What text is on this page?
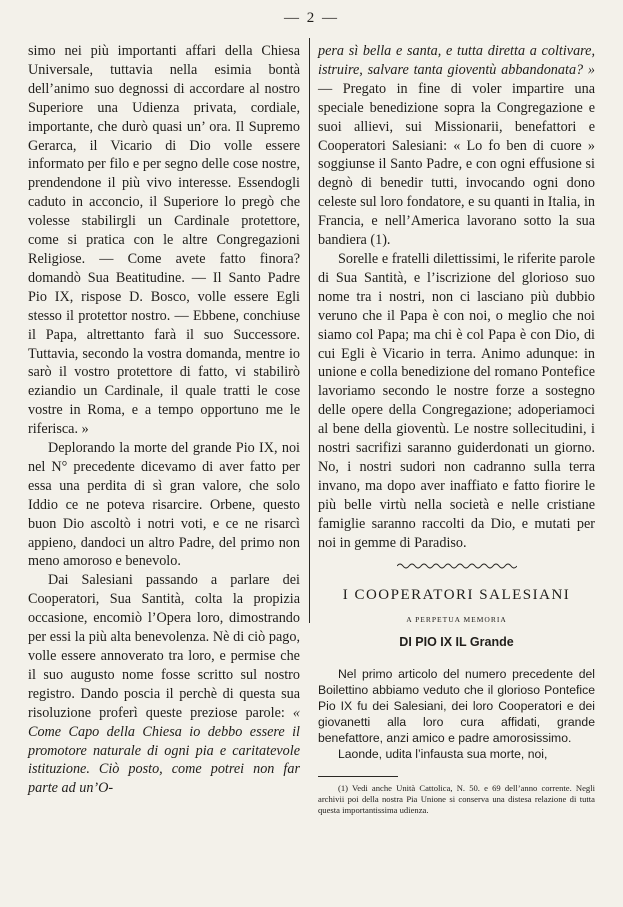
— 2 —

simo nei più importanti affari della Chiesa Universale, tuttavia nella esimia bontà dell’animo suo degnossi di accordare al nostro Superiore una Udienza privata, cordiale, importante, che durò quasi un’ ora. Il Supremo Gerarca, il Vicario di Dio volle essere informato per filo e per segno delle cose nostre, prendendone il più vivo interesse. Essendogli caduto in acconcio, il Superiore lo pregò che volesse stabilirgli un Cardinale protettore, come si pratica con le altre Congregazioni Religiose. — Come avete fatto finora? domandò Sua Beatitudine. — Il Santo Padre Pio IX, rispose D. Bosco, volle essere Egli stesso il protettor nostro. — Ebbene, conchiuse il Papa, altrettanto farà il suo Successore. Tuttavia, secondo la vostra domanda, mentre io sarò il vostro protettore di fatto, vi stabilirò eziandio un Cardinale, il quale tratti le cose vostre in Roma, e a tempo opportuno me le riferisca. »

Deplorando la morte del grande Pio IX, noi nel N° precedente dicevamo di aver fatto per essa una perdita di sì gran valore, che solo Iddio ce ne poteva risarcire. Orbene, questo buon Dio ascoltò i notri voti, e ce ne risarcì appieno, dandoci un altro Padre, del primo non meno amoroso e benevolo.

Dai Salesiani passando a parlare dei Cooperatori, Sua Santità, colta la propizia occasione, encomiò l’Opera loro, dimostrando per essi la più alta benevolenza. Nè di ciò pago, volle essere annoverato tra loro, e permise che il suo augusto nome fosse scritto sul nostro registro. Dando poscia il perchè di questa sua risoluzione proferì queste preziose parole: « Come Capo della Chiesa io debbo essere il promotore naturale di ogni pia e caritatevole istituzione. Ciò posto, come potrei non far parte ad un’O-

pera sì bella e santa, e tutta diretta a coltivare, istruire, salvare tanta gioventù abbandonata? » — Pregato in fine di voler impartire una speciale benedizione sopra la Congregazione e suoi allievi, sui Missionarii, benefattori e Cooperatori Salesiani: « Lo fo ben di cuore » soggiunse il Santo Padre, e con ogni effusione si degnò di benedir tutti, invocando ogni dono celeste sul loro fondatore, e su quanti in Italia, in Francia, e nell’America lavorano sotto la sua bandiera (1).

Sorelle e fratelli dilettissimi, le riferite parole di Sua Santità, e l’iscrizione del glorioso suo nome tra i nostri, non ci lasciano più dubbio veruno che il Papa è con noi, o meglio che noi siamo col Papa; ma chi è col Papa è con Dio, di cui Egli è Vicario in terra. Animo adunque: in unione e colla benedizione del romano Pontefice lavoriamo secondo le nostre forze a sostegno delle opere della Congregazione; adoperiamoci al bene della gioventù. Le nostre sollecitudini, i nostri sacrifizi saranno guiderdonati un giorno. No, i nostri sudori non cadranno sulla terra invano, ma dopo aver inaffiato e fatto fiorire le più belle virtù nella società e nelle cristiane famiglie saranno raccolti da Dio, e mutati per noi in gemme di Paradiso.

I COOPERATORI SALESIANI
A PERPETUA MEMORIA
DI PIO IX IL Grande

Nel primo articolo del numero precedente del Boilettino abbiamo veduto che il glorioso Pontefice Pio IX fu dei Salesiani, dei loro Cooperatori e dei giovanetti alla loro cura affidati, grande benefattore, anzi amico e padre amorosissimo.

Laonde, udita l’infausta sua morte, noi,

(1) Vedi anche Unità Cattolica, N. 50. e 69 dell’anno corrente. Negli archivii poi della nostra Pia Unione si conserva una distesa relazione di tutta questa importantissima udienza.
